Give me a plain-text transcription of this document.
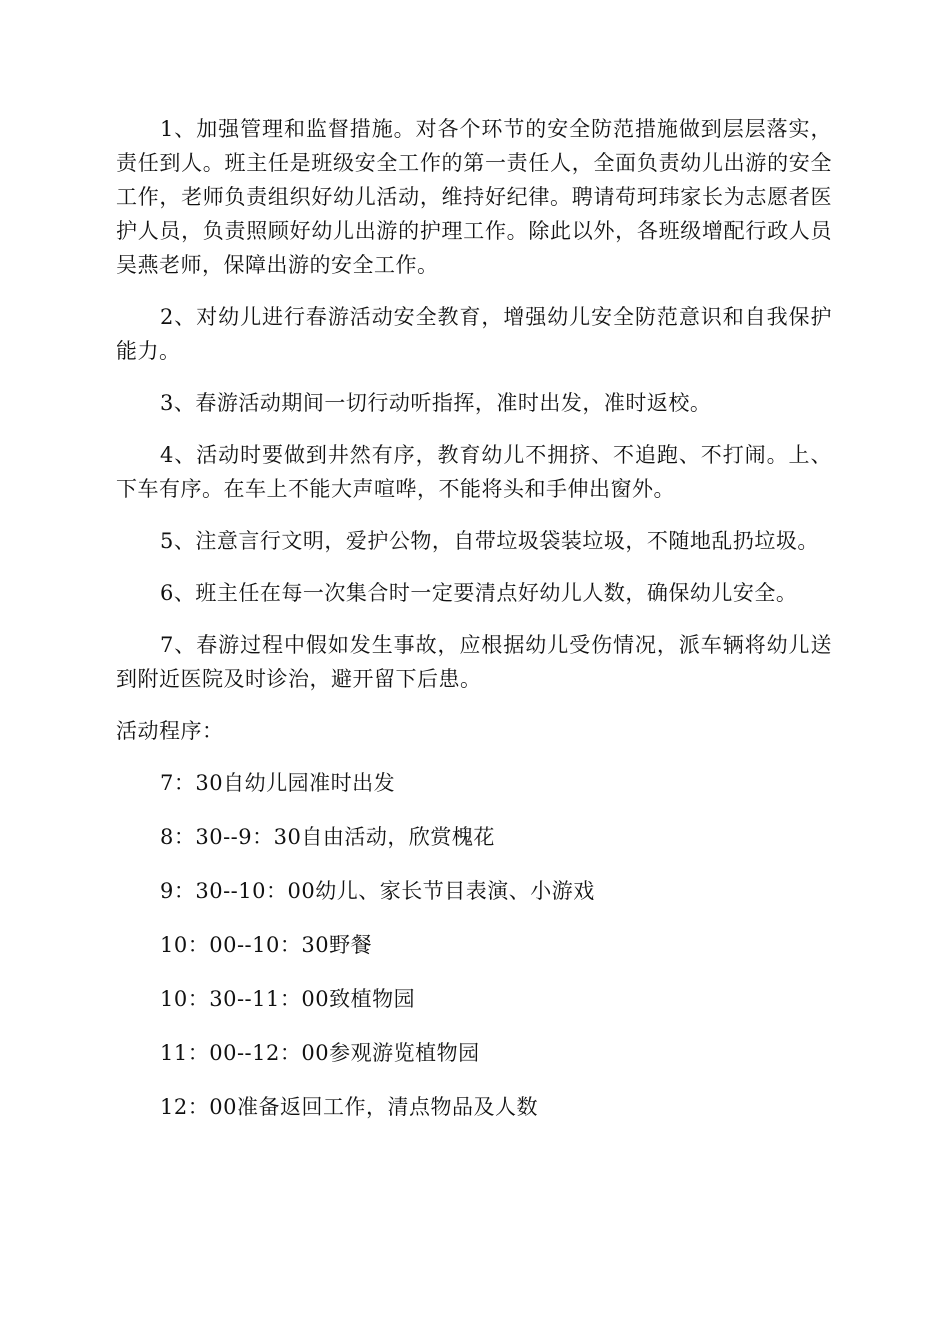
1、加强管理和监督措施。对各个环节的安全防范措施做到层层落实，责任到人。班主任是班级安全工作的第一责任人，全面负责幼儿出游的安全工作，老师负责组织好幼儿活动，维持好纪律。聘请苟珂玮家长为志愿者医护人员，负责照顾好幼儿出游的护理工作。除此以外，各班级增配行政人员吴燕老师，保障出游的安全工作。

2、对幼儿进行春游活动安全教育，增强幼儿安全防范意识和自我保护能力。

3、春游活动期间一切行动听指挥，准时出发，准时返校。

4、活动时要做到井然有序，教育幼儿不拥挤、不追跑、不打闹。上、下车有序。在车上不能大声喧哗，不能将头和手伸出窗外。

5、注意言行文明，爱护公物，自带垃圾袋装垃圾，不随地乱扔垃圾。

6、班主任在每一次集合时一定要清点好幼儿人数，确保幼儿安全。

7、春游过程中假如发生事故，应根据幼儿受伤情况，派车辆将幼儿送到附近医院及时诊治，避开留下后患。

活动程序：

7：30自幼儿园准时出发
8：30--9：30自由活动，欣赏槐花
9：30--10：00幼儿、家长节目表演、小游戏
10：00--10：30野餐
10：30--11：00致植物园
11：00--12：00参观游览植物园
12：00准备返回工作，清点物品及人数
